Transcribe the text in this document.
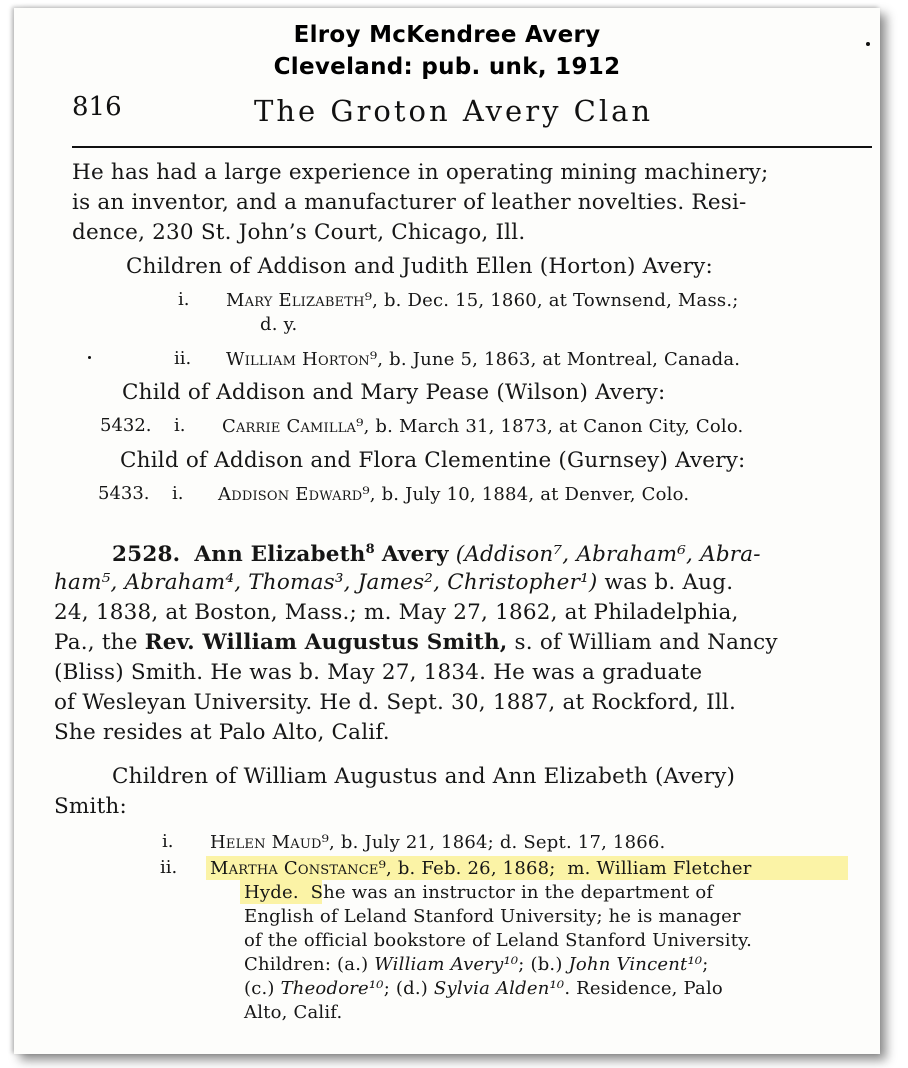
Elroy McKendree Avery
Cleveland: pub. unk, 1912
816	The Groton Avery Clan
He has had a large experience in operating mining machinery;
is an inventor, and a manufacturer of leather novelties. Resi-
dence, 230 St. John’s Court, Chicago, Ill.
Children of Addison and Judith Ellen (Horton) Avery:
i. Mary Elizabeth⁹, b. Dec. 15, 1860, at Townsend, Mass.;
d. y.
ii. William Horton⁹, b. June 5, 1863, at Montreal, Canada.
Child of Addison and Mary Pease (Wilson) Avery:
5432. i. Carrie Camilla⁹, b. March 31, 1873, at Canon City, Colo.
Child of Addison and Flora Clementine (Gurnsey) Avery:
5433. i. Addison Edward⁹, b. July 10, 1884, at Denver, Colo.
2528. Ann Elizabeth$^8$ Avery (Addison⁷, Abraham⁶, Abra-
ham⁵, Abraham⁴, Thomas³, James², Christopher¹) was b. Aug.
24, 1838, at Boston, Mass.; m. May 27, 1862, at Philadelphia,
Pa., the Rev. William Augustus Smith, s. of William and Nancy
(Bliss) Smith. He was b. May 27, 1834. He was a graduate
of Wesleyan University. He d. Sept. 30, 1887, at Rockford, Ill.
She resides at Palo Alto, Calif.
Children of William Augustus and Ann Elizabeth (Avery)
Smith:
i. Helen Maud⁹, b. July 21, 1864; d. Sept. 17, 1866.
ii. Martha Constance⁹, b. Feb. 26, 1868; m. William Fletcher
Hyde. She was an instructor in the department of
English of Leland Stanford University; he is manager
of the official bookstore of Leland Stanford University.
Children: (a.) William Avery¹⁰; (b.) John Vincent¹⁰;
(c.) Theodore¹⁰; (d.) Sylvia Alden¹⁰. Residence, Palo
Alto, Calif.
